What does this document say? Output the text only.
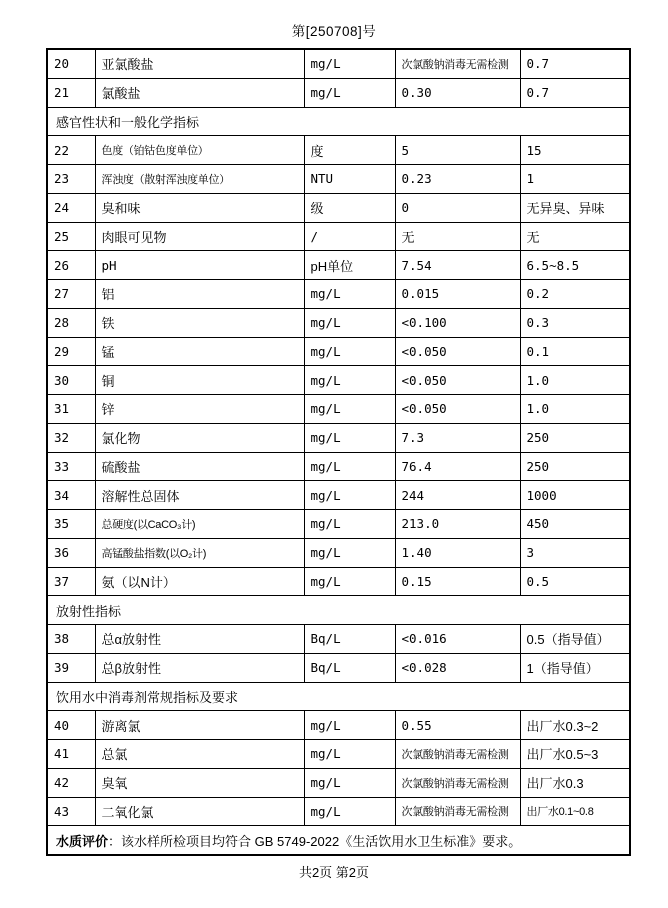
第[250708]号
20	亚氯酸盐	mg/L	次氯酸钠消毒无需检测	0.7
21	氯酸盐	mg/L	0.30	0.7
感官性状和一般化学指标				
22	色度（铂钴色度单位）	度	5	15
23	浑浊度（散射浑浊度单位）	NTU	0.23	1
24	臭和味	级	0	无异臭、异味
25	肉眼可见物	/	无	无
26	pH	pH单位	7.54	6.5~8.5
27	铝	mg/L	0.015	0.2
28	铁	mg/L	<0.100	0.3
29	锰	mg/L	<0.050	0.1
30	铜	mg/L	<0.050	1.0
31	锌	mg/L	<0.050	1.0
32	氯化物	mg/L	7.3	250
33	硫酸盐	mg/L	76.4	250
34	溶解性总固体	mg/L	244	1000
35	总硬度(以CaCO₃计)	mg/L	213.0	450
36	高锰酸盐指数(以O₂计)	mg/L	1.40	3
37	氨（以N计）	mg/L	0.15	0.5
放射性指标				
38	总α放射性	Bq/L	<0.016	0.5（指导值）
39	总β放射性	Bq/L	<0.028	1（指导值）
饮用水中消毒剂常规指标及要求				
40	游离氯	mg/L	0.55	出厂水0.3~2
41	总氯	mg/L	次氯酸钠消毒无需检测	出厂水0.5~3
42	臭氧	mg/L	次氯酸钠消毒无需检测	出厂水0.3
43	二氧化氯	mg/L	次氯酸钠消毒无需检测	出厂水0.1~0.8
水质评价：该水样所检项目均符合 GB 5749-2022《生活饮用水卫生标准》要求。				
共2页 第2页
